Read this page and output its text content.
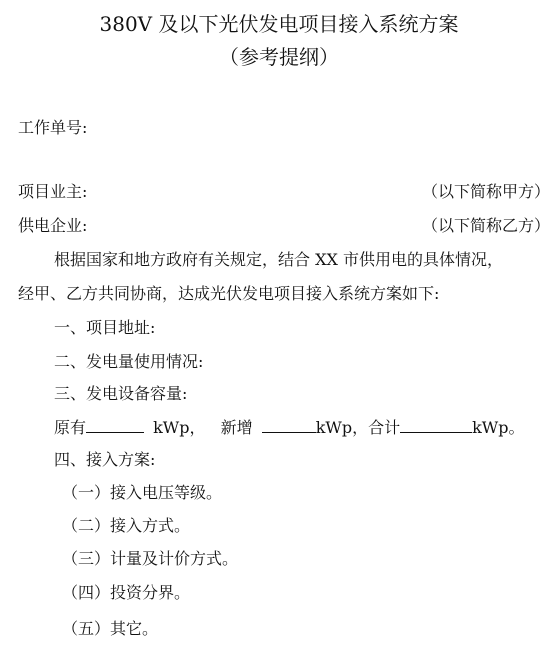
380V 及以下光伏发电项目接入系统方案
（参考提纲）
工作单号:
项目业主:	（以下简称甲方）
供电企业:	（以下简称乙方）
根据国家和地方政府有关规定，结合 XX 市供用电的具体情况，
经甲、乙方共同协商，达成光伏发电项目接入系统方案如下:
一、项目地址:
二、发电量使用情况:
三、发电设备容量:
原有	kWp， 新增	kWp，合计	kWp。
四、接入方案:
（一）接入电压等级。
（二）接入方式。
（三）计量及计价方式。
（四）投资分界。
（五）其它。
